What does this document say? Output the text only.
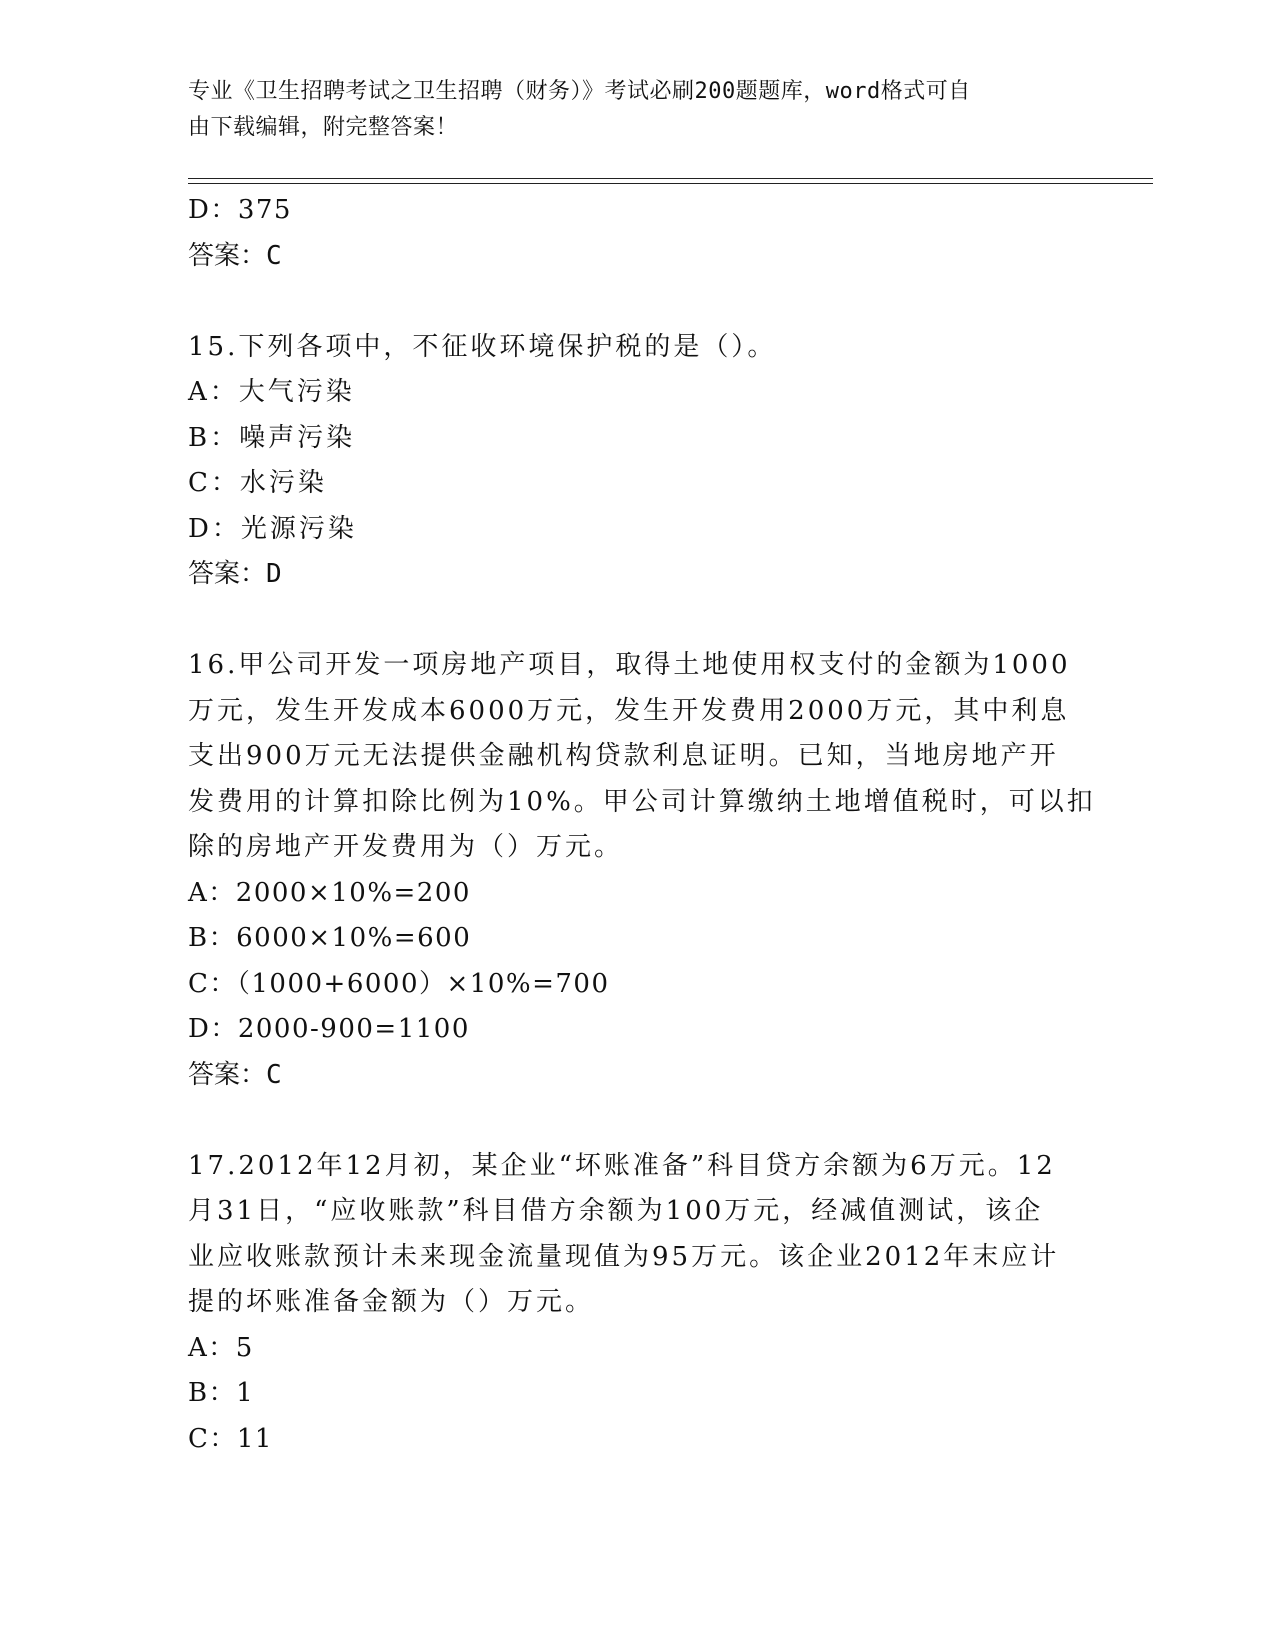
专业《卫生招聘考试之卫生招聘（财务）》考试必刷200题题库，word格式可自
由下载编辑，附完整答案！
D：375
答案：C
15.下列各项中，不征收环境保护税的是（）。
A：大气污染
B：噪声污染
C：水污染
D：光源污染
答案：D
16.甲公司开发一项房地产项目，取得土地使用权支付的金额为1000
万元，发生开发成本6000万元，发生开发费用2000万元，其中利息
支出900万元无法提供金融机构贷款利息证明。已知，当地房地产开
发费用的计算扣除比例为10%。甲公司计算缴纳土地增值税时，可以扣
除的房地产开发费用为（）万元。
A：2000×10%=200
B：6000×10%=600
C：（1000+6000）×10%=700
D：2000-900=1100
答案：C
17.2012年12月初，某企业“坏账准备”科目贷方余额为6万元。12
月31日，“应收账款”科目借方余额为100万元，经减值测试，该企
业应收账款预计未来现金流量现值为95万元。该企业2012年末应计
提的坏账准备金额为（）万元。
A：5
B：1
C：11
